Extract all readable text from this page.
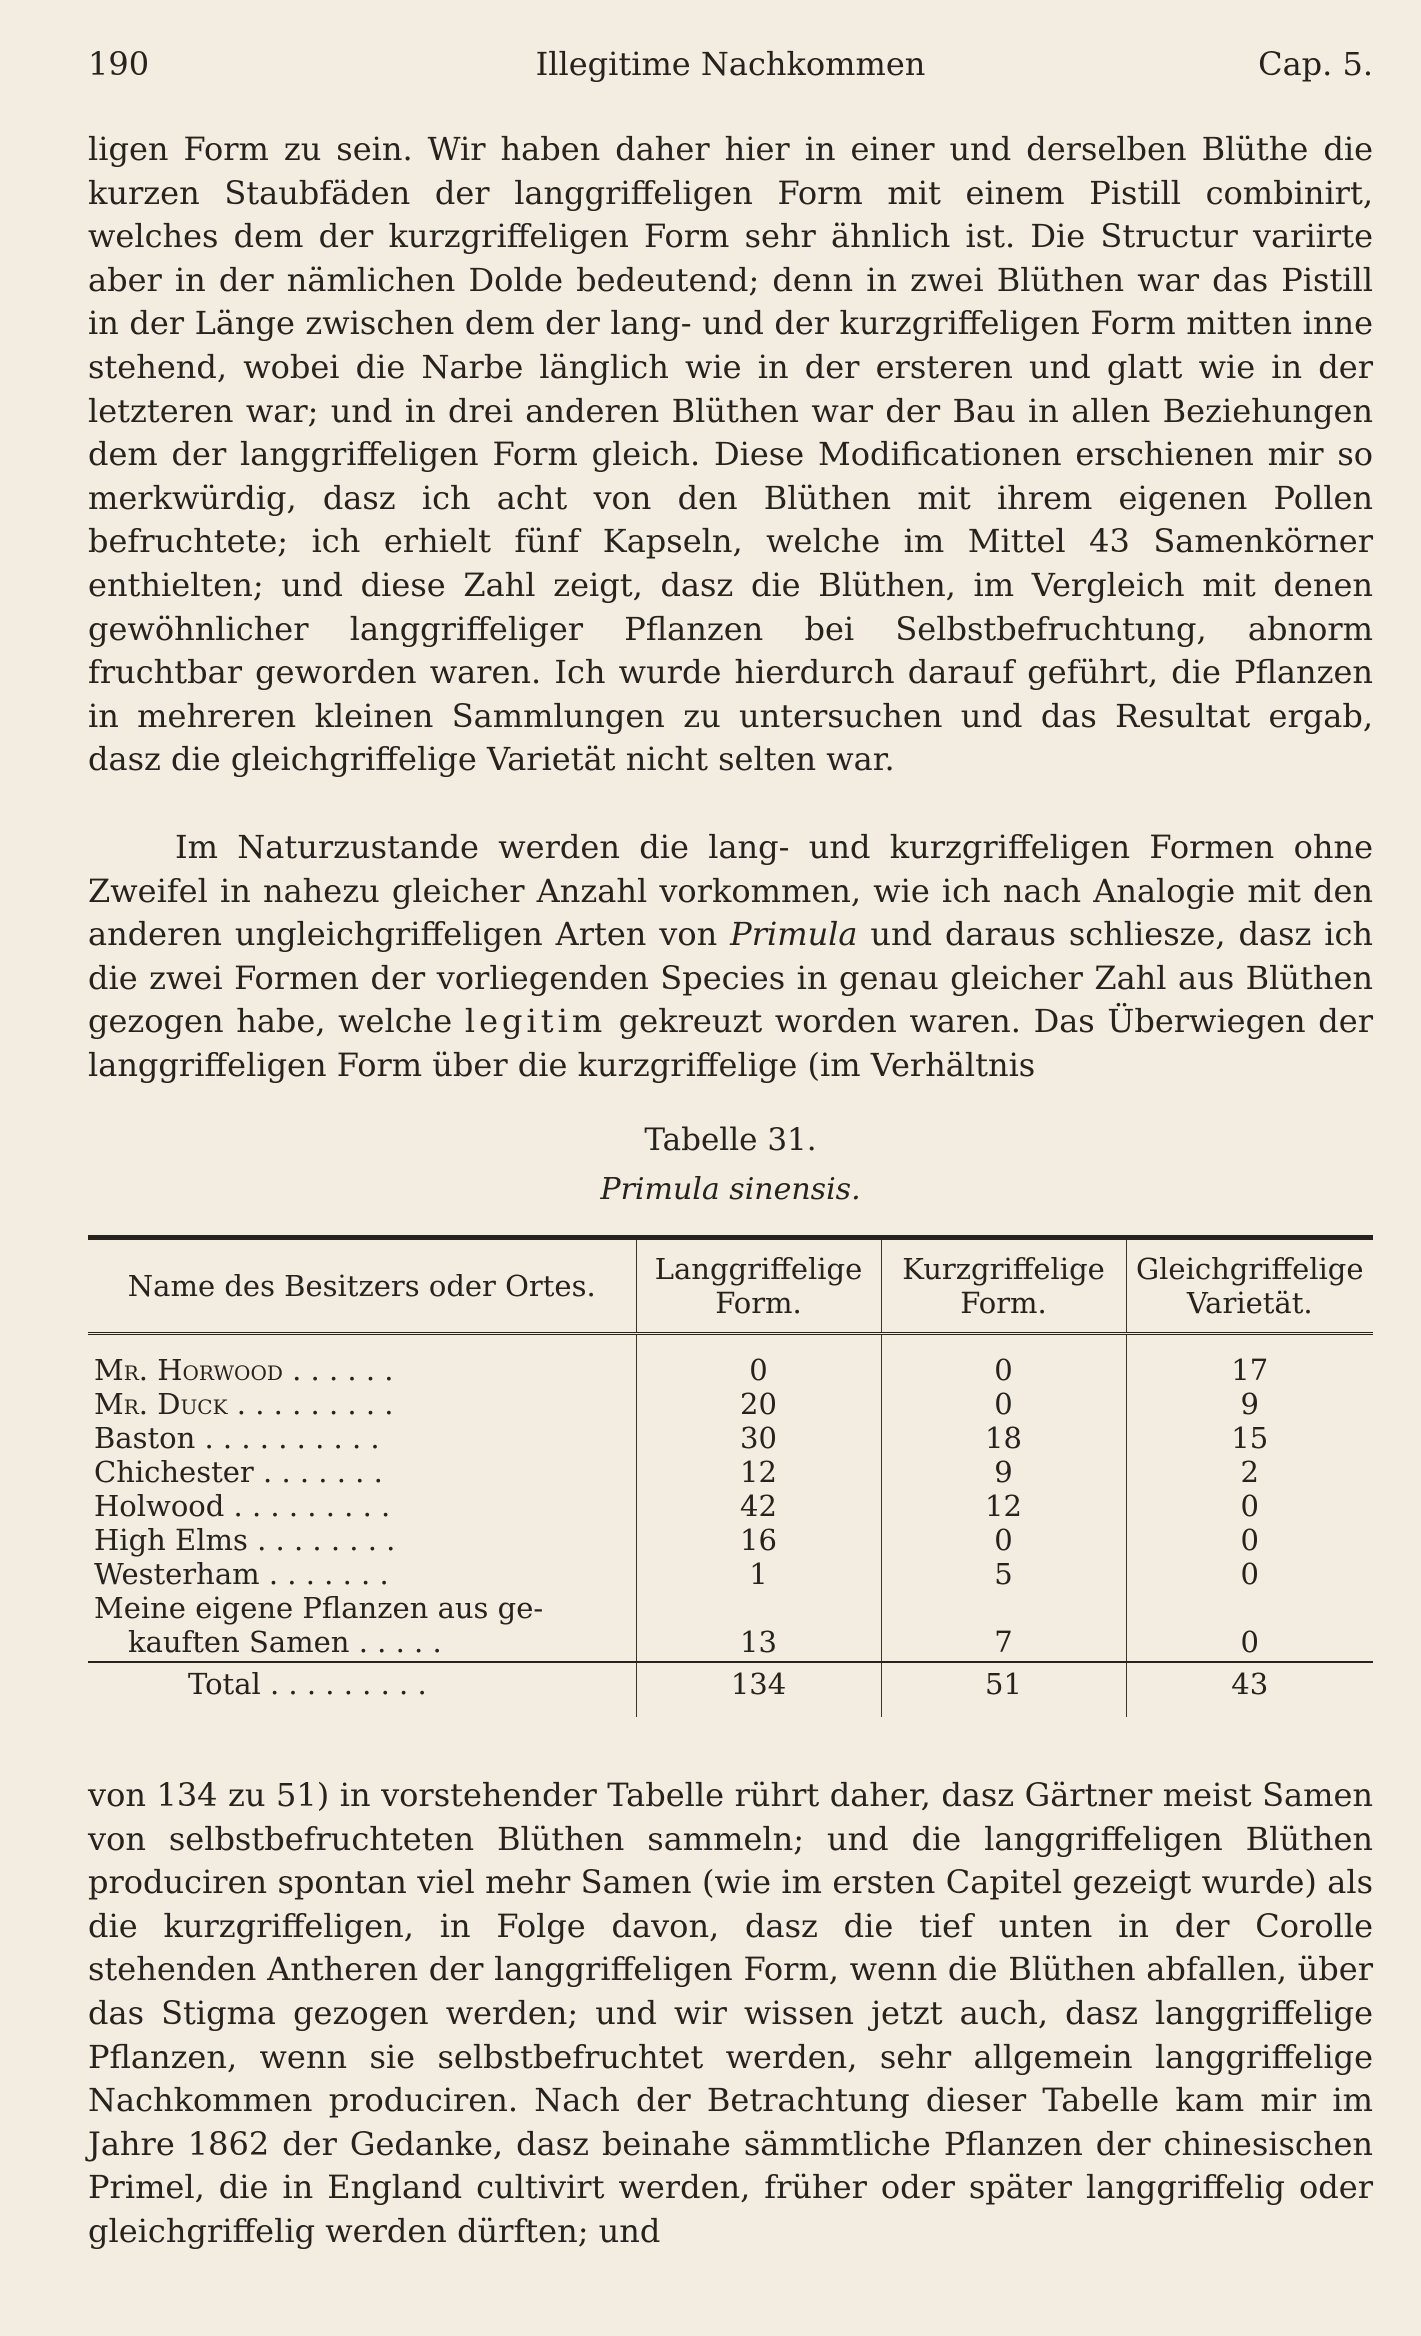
190	Illegitime Nachkommen	Cap. 5.

ligen Form zu sein. Wir haben daher hier in einer und derselben Blüthe die kurzen Staubfäden der langgriffeligen Form mit einem Pistill combinirt, welches dem der kurzgriffeligen Form sehr ähnlich ist. Die Structur variirte aber in der nämlichen Dolde bedeutend; denn in zwei Blüthen war das Pistill in der Länge zwischen dem der lang- und der kurzgriffeligen Form mitten inne stehend, wobei die Narbe länglich wie in der ersteren und glatt wie in der letzteren war; und in drei anderen Blüthen war der Bau in allen Beziehungen dem der langgriffeligen Form gleich. Diese Modificationen erschienen mir so merkwürdig, dasz ich acht von den Blüthen mit ihrem eigenen Pollen befruchtete; ich erhielt fünf Kapseln, welche im Mittel 43 Samenkörner enthielten; und diese Zahl zeigt, dasz die Blüthen, im Vergleich mit denen gewöhnlicher langgriffeliger Pflanzen bei Selbstbefruchtung, abnorm fruchtbar geworden waren. Ich wurde hierdurch darauf geführt, die Pflanzen in mehreren kleinen Sammlungen zu untersuchen und das Resultat ergab, dasz die gleichgriffelige Varietät nicht selten war.

Im Naturzustande werden die lang- und kurzgriffeligen Formen ohne Zweifel in nahezu gleicher Anzahl vorkommen, wie ich nach Analogie mit den anderen ungleichgriffeligen Arten von Primula und daraus schliesze, dasz ich die zwei Formen der vorliegenden Species in genau gleicher Zahl aus Blüthen gezogen habe, welche legitim gekreuzt worden waren. Das Überwiegen der langgriffeligen Form über die kurzgriffelige (im Verhältnis

Tabelle 31.
Primula sinensis.
Name des Besitzers oder Ortes.	Langgriffelige Form.	Kurzgriffelige Form.	Gleichgriffelige Varietät.
Mr. Horwood . . . . . .	0	0	17
Mr. Duck . . . . . . . . .	20	0	9
Baston . . . . . . . . . .	30	18	15
Chichester . . . . . . .	12	9	2
Holwood . . . . . . . . .	42	12	0
High Elms . . . . . . . .	16	0	0
Westerham . . . . . . .	1	5	0
Meine eigene Pflanzen aus ge-			
kauften Samen . . . . .	13	7	0
Total . . . . . . . . .	134	51	43

von 134 zu 51) in vorstehender Tabelle rührt daher, dasz Gärtner meist Samen von selbstbefruchteten Blüthen sammeln; und die langgriffeligen Blüthen produciren spontan viel mehr Samen (wie im ersten Capitel gezeigt wurde) als die kurzgriffeligen, in Folge davon, dasz die tief unten in der Corolle stehenden Antheren der langgriffeligen Form, wenn die Blüthen abfallen, über das Stigma gezogen werden; und wir wissen jetzt auch, dasz langgriffelige Pflanzen, wenn sie selbstbefruchtet werden, sehr allgemein langgriffelige Nachkommen produciren. Nach der Betrachtung dieser Tabelle kam mir im Jahre 1862 der Gedanke, dasz beinahe sämmtliche Pflanzen der chinesischen Primel, die in England cultivirt werden, früher oder später langgriffelig oder gleichgriffelig werden dürften; und
